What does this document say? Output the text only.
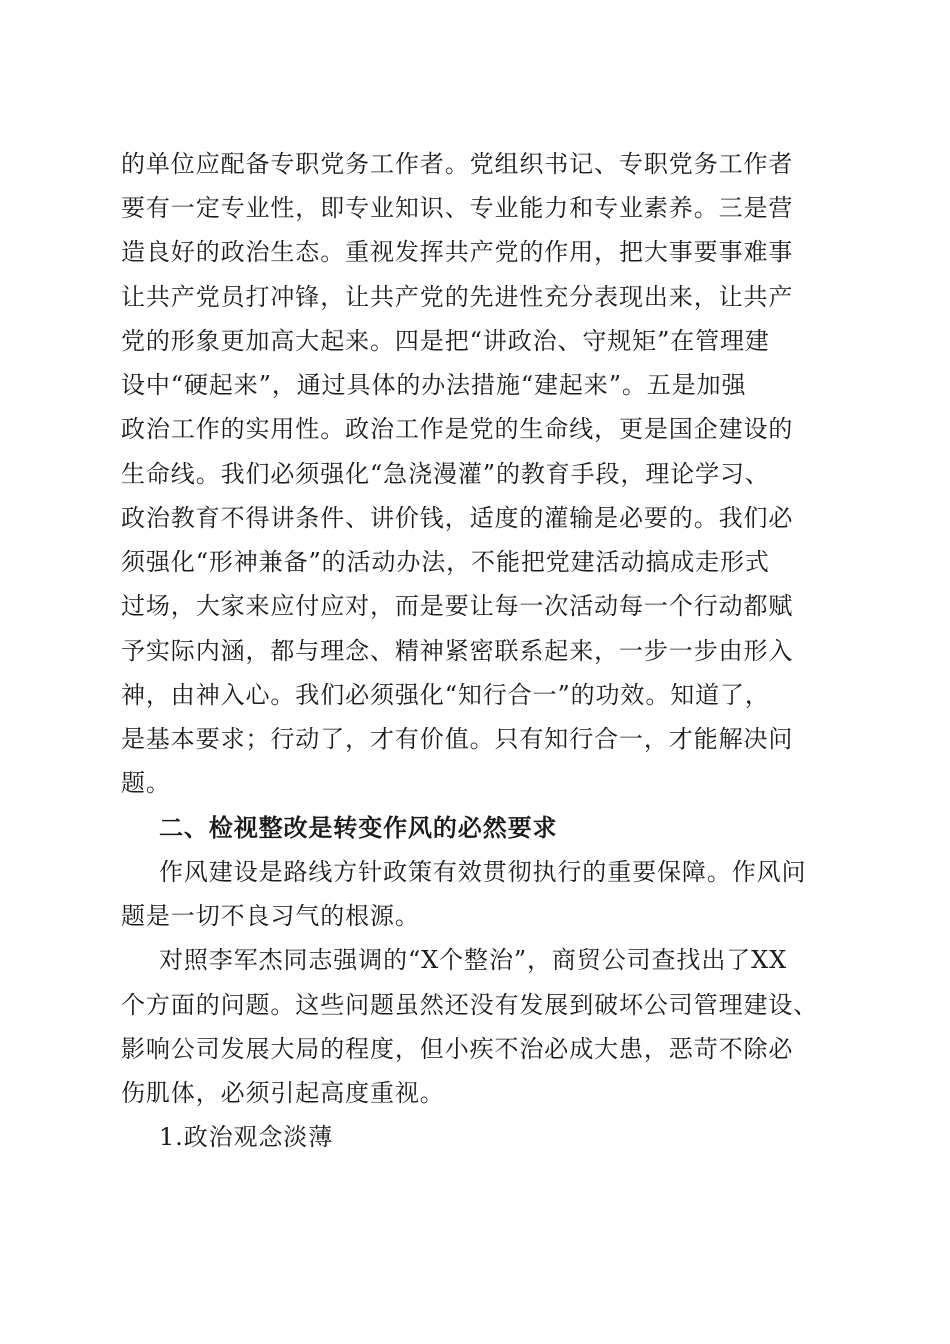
的单位应配备专职党务工作者。党组织书记、专职党务工作者
要有一定专业性，即专业知识、专业能力和专业素养。三是营
造良好的政治生态。重视发挥共产党的作用，把大事要事难事
让共产党员打冲锋，让共产党的先进性充分表现出来，让共产
党的形象更加高大起来。四是把“讲政治、守规矩”在管理建
设中“硬起来”，通过具体的办法措施“建起来”。五是加强
政治工作的实用性。政治工作是党的生命线，更是国企建设的
生命线。我们必须强化“急浇漫灌”的教育手段，理论学习、
政治教育不得讲条件、讲价钱，适度的灌输是必要的。我们必
须强化“形神兼备”的活动办法，不能把党建活动搞成走形式
过场，大家来应付应对，而是要让每一次活动每一个行动都赋
予实际内涵，都与理念、精神紧密联系起来，一步一步由形入
神，由神入心。我们必须强化“知行合一”的功效。知道了，
是基本要求；行动了，才有价值。只有知行合一，才能解决问
题。
二、检视整改是转变作风的必然要求
作风建设是路线方针政策有效贯彻执行的重要保障。作风问
题是一切不良习气的根源。
对照李军杰同志强调的“X个整治”，商贸公司查找出了XX
个方面的问题。这些问题虽然还没有发展到破坏公司管理建设、
影响公司发展大局的程度，但小疾不治必成大患，恶苛不除必
伤肌体，必须引起高度重视。
1.政治观念淡薄
